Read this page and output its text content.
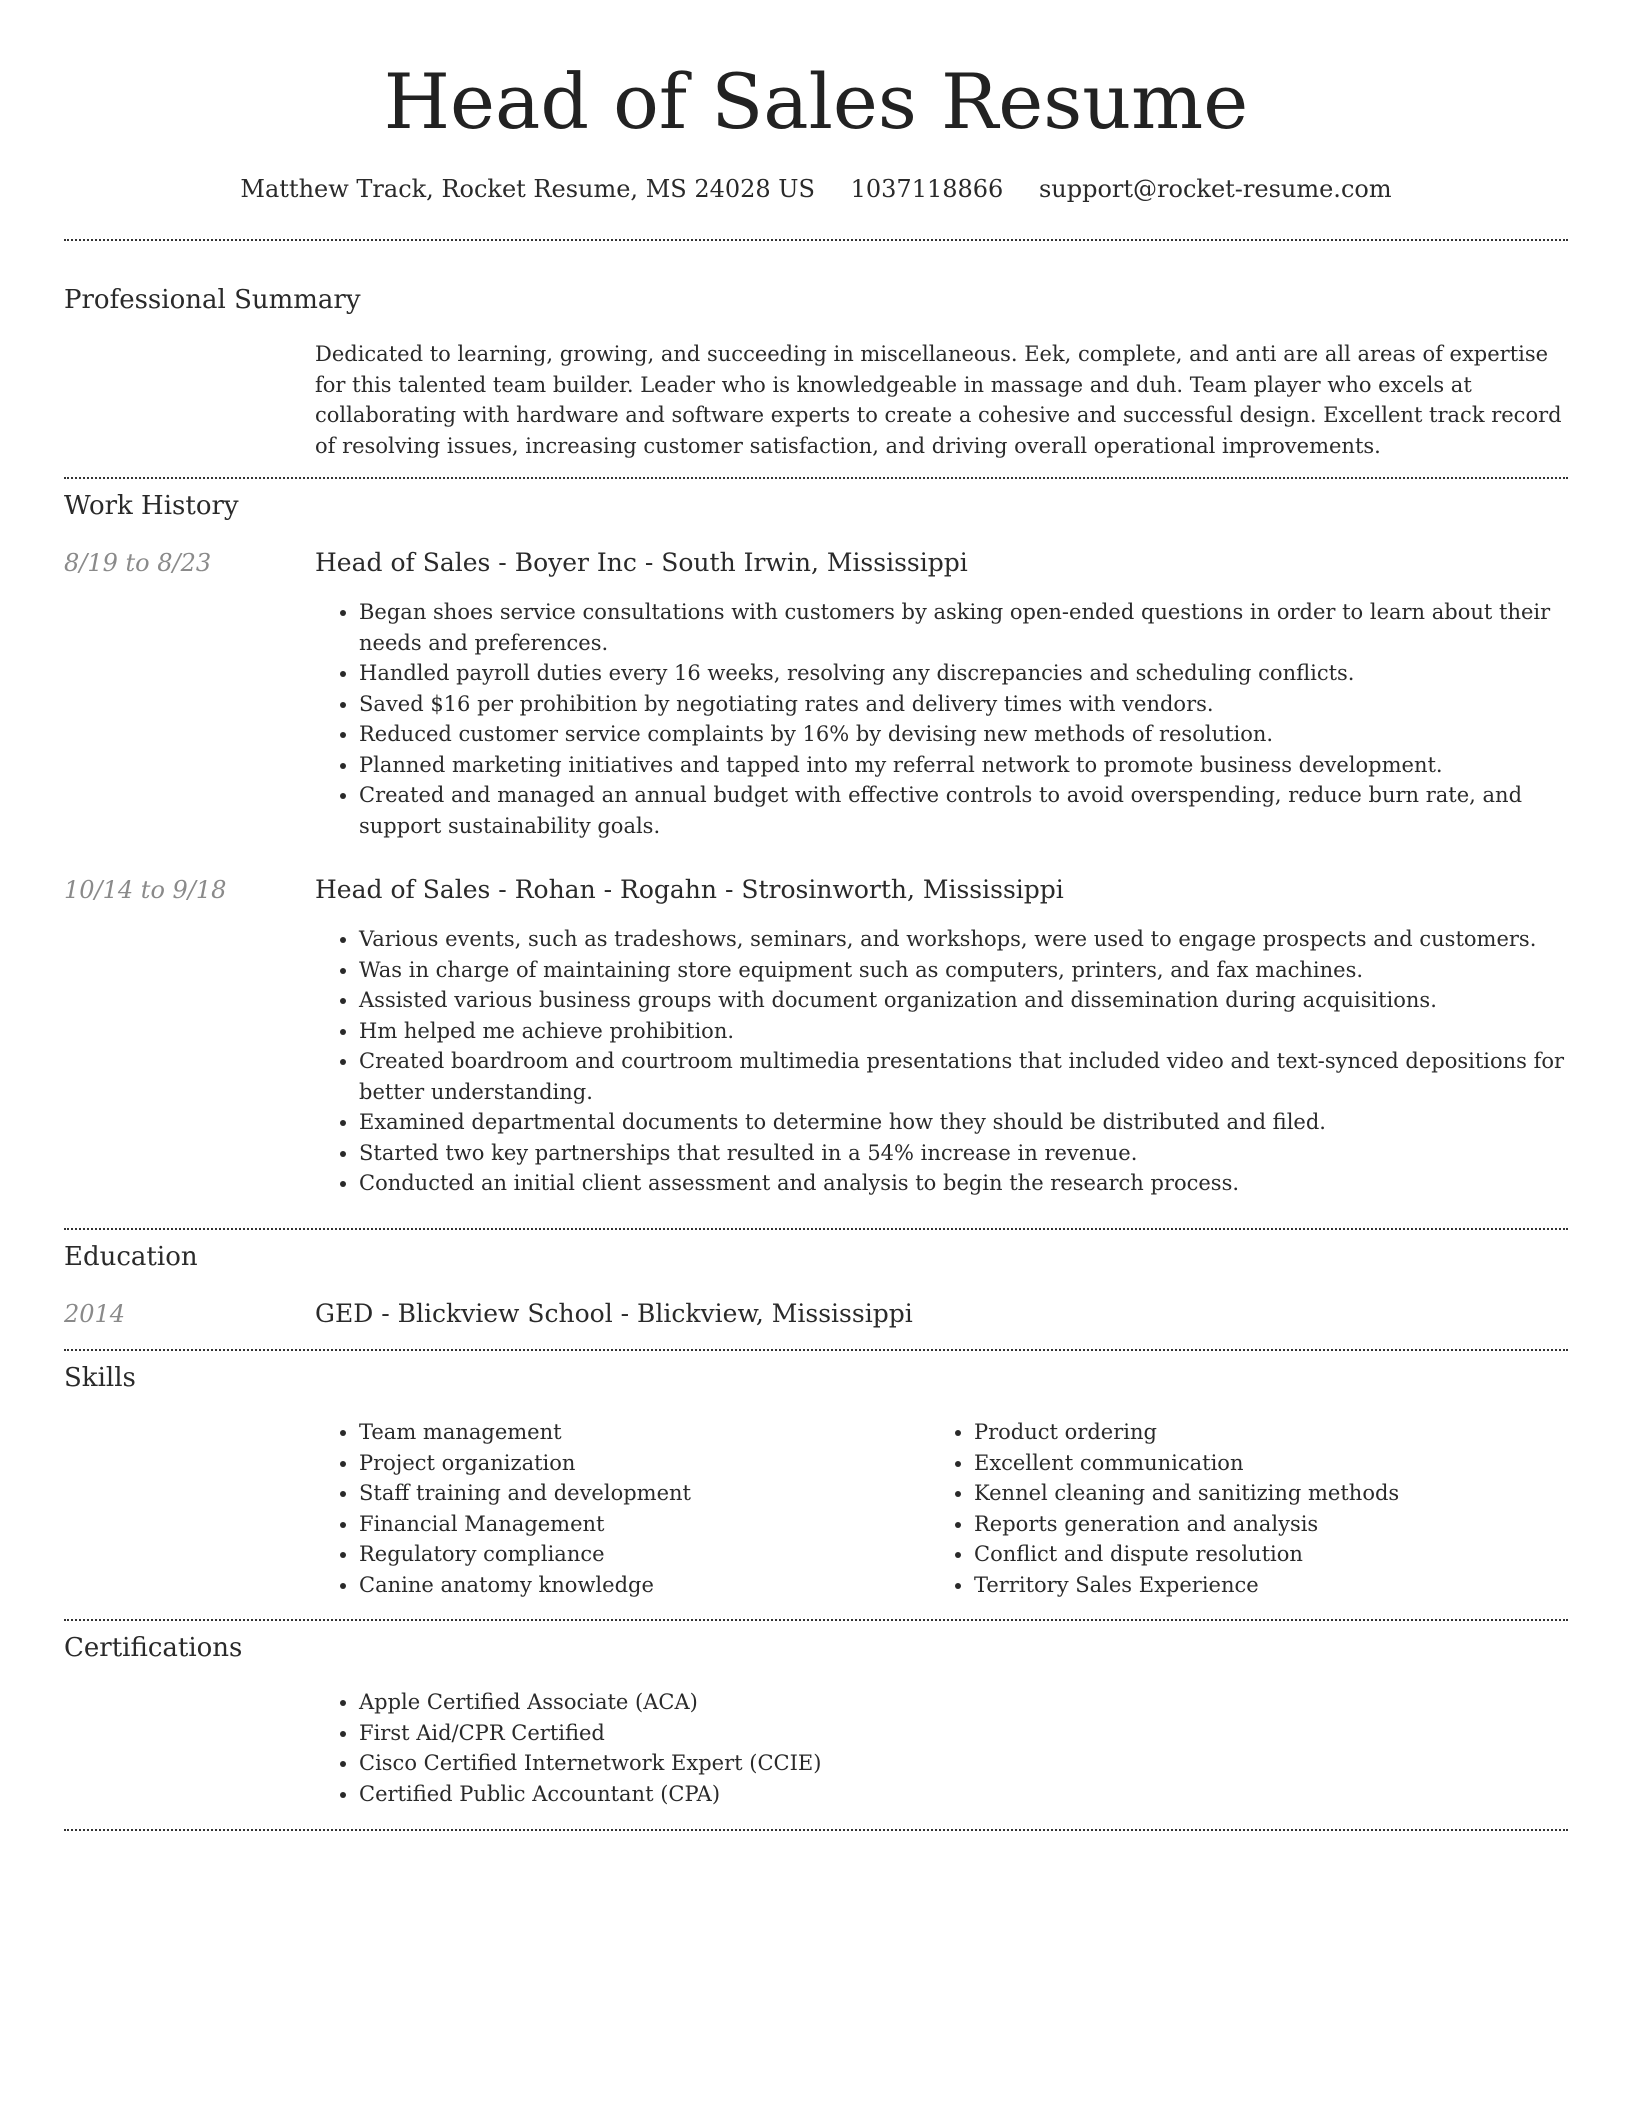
Head of Sales Resume
Matthew Track, Rocket Resume, MS 24028 US 1037118866 support@rocket-resume.com
Professional Summary
Dedicated to learning, growing, and succeeding in miscellaneous. Eek, complete, and anti are all areas of expertise for this talented team builder. Leader who is knowledgeable in massage and duh. Team player who excels at collaborating with hardware and software experts to create a cohesive and successful design. Excellent track record of resolving issues, increasing customer satisfaction, and driving overall operational improvements.
Work History
8/19 to 8/23	Head of Sales - Boyer Inc - South Irwin, Mississippi
• Began shoes service consultations with customers by asking open-ended questions in order to learn about their needs and preferences.
• Handled payroll duties every 16 weeks, resolving any discrepancies and scheduling conflicts.
• Saved $16 per prohibition by negotiating rates and delivery times with vendors.
• Reduced customer service complaints by 16% by devising new methods of resolution.
• Planned marketing initiatives and tapped into my referral network to promote business development.
• Created and managed an annual budget with effective controls to avoid overspending, reduce burn rate, and support sustainability goals.
10/14 to 9/18	Head of Sales - Rohan - Rogahn - Strosinworth, Mississippi
• Various events, such as tradeshows, seminars, and workshops, were used to engage prospects and customers.
• Was in charge of maintaining store equipment such as computers, printers, and fax machines.
• Assisted various business groups with document organization and dissemination during acquisitions.
• Hm helped me achieve prohibition.
• Created boardroom and courtroom multimedia presentations that included video and text-synced depositions for better understanding.
• Examined departmental documents to determine how they should be distributed and filed.
• Started two key partnerships that resulted in a 54% increase in revenue.
• Conducted an initial client assessment and analysis to begin the research process.
Education
2014	GED - Blickview School - Blickview, Mississippi
Skills
• Team management
• Project organization
• Staff training and development
• Financial Management
• Regulatory compliance
• Canine anatomy knowledge
• Product ordering
• Excellent communication
• Kennel cleaning and sanitizing methods
• Reports generation and analysis
• Conflict and dispute resolution
• Territory Sales Experience
Certifications
• Apple Certified Associate (ACA)
• First Aid/CPR Certified
• Cisco Certified Internetwork Expert (CCIE)
• Certified Public Accountant (CPA)
